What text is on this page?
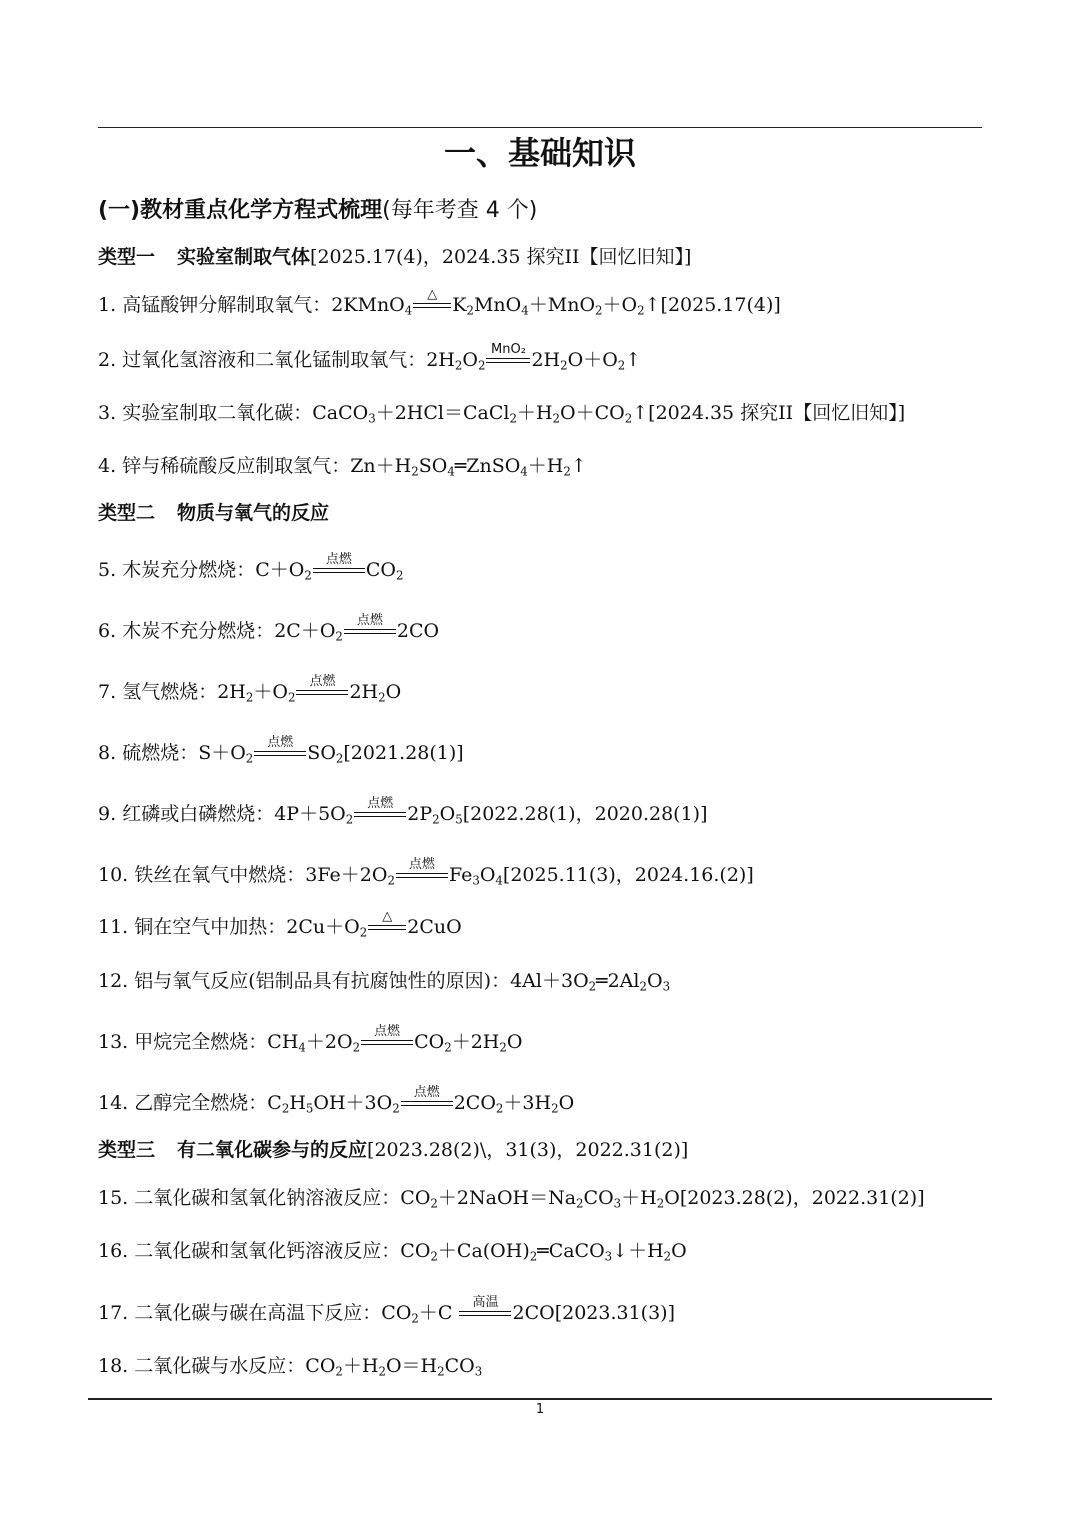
一、基础知识
(一)教材重点化学方程式梳理(每年考查 4 个)
类型一 实验室制取气体[2025.17(4)，2024.35 探究II【回忆旧知】]
1. 高锰酸钾分解制取氧气：2KMnO$_4$
△ $K_2MnO_4+MnO_2+O_2↑[2025.17(4)]$
2. 过氧化氢溶液和二氧化锰制取氧气：$2H_2O_2$
MnO₂ $2H_2O+O_2↑$
3. 实验室制取二氧化碳：$CaCO_3+2HCl=CaCl_2+H_2O+CO_2↑[2024.35$ 探究II【回忆旧知】]
4. 锌与稀硫酸反应制取氢气：$Zn+H_2SO_4═ZnSO_4+H_2↑$
类型二 物质与氧气的反应
5. 木炭充分燃烧：$C+O_2$
点燃 $CO_2$
6. 木炭不充分燃烧：$2C+O_2$
点燃 2CO
7. 氢气燃烧：$2H_2+O_2$
点燃 $2H_2O$
8. 硫燃烧：$S+O_2$
点燃 $SO_2[2021.28(1)]$
9. 红磷或白磷燃烧：$4P+5O_2$
点燃 $2P_2O_5[2022.28(1)$，2020.28(1)]
10. 铁丝在氧气中燃烧：$3Fe+2O_2$
点燃 $Fe_3O_4[2025.11(3)$，2024.16.(2)]
11. 铜在空气中加热：$2Cu+O_2$
△ 2CuO
12. 铝与氧气反应(铝制品具有抗腐蚀性的原因)：$4Al+3O_2═2Al_2O_3$
13. 甲烷完全燃烧：$CH_4+2O_2$
点燃 $CO_2+2H_2O$
14. 乙醇完全燃烧：$C_2H_5OH+3O_2$
点燃 $2CO_2+3H_2O$
类型三 有二氧化碳参与的反应[2023.28(2)\，31(3)，2022.31(2)]
15. 二氧化碳和氢氧化钠溶液反应：$CO_2+2NaOH=Na_2CO_3+H_2O[2023.28(2)$，2022.31(2)]
16. 二氧化碳和氢氧化钙溶液反应：$CO_2+Ca(OH)_2═CaCO_3↓+H_2O$
17. 二氧化碳与碳在高温下反应：$CO_2+C$	高温 2CO[2023.31(3)]
18. 二氧化碳与水反应：$CO_2+H_2O=H_2CO_3$
1
